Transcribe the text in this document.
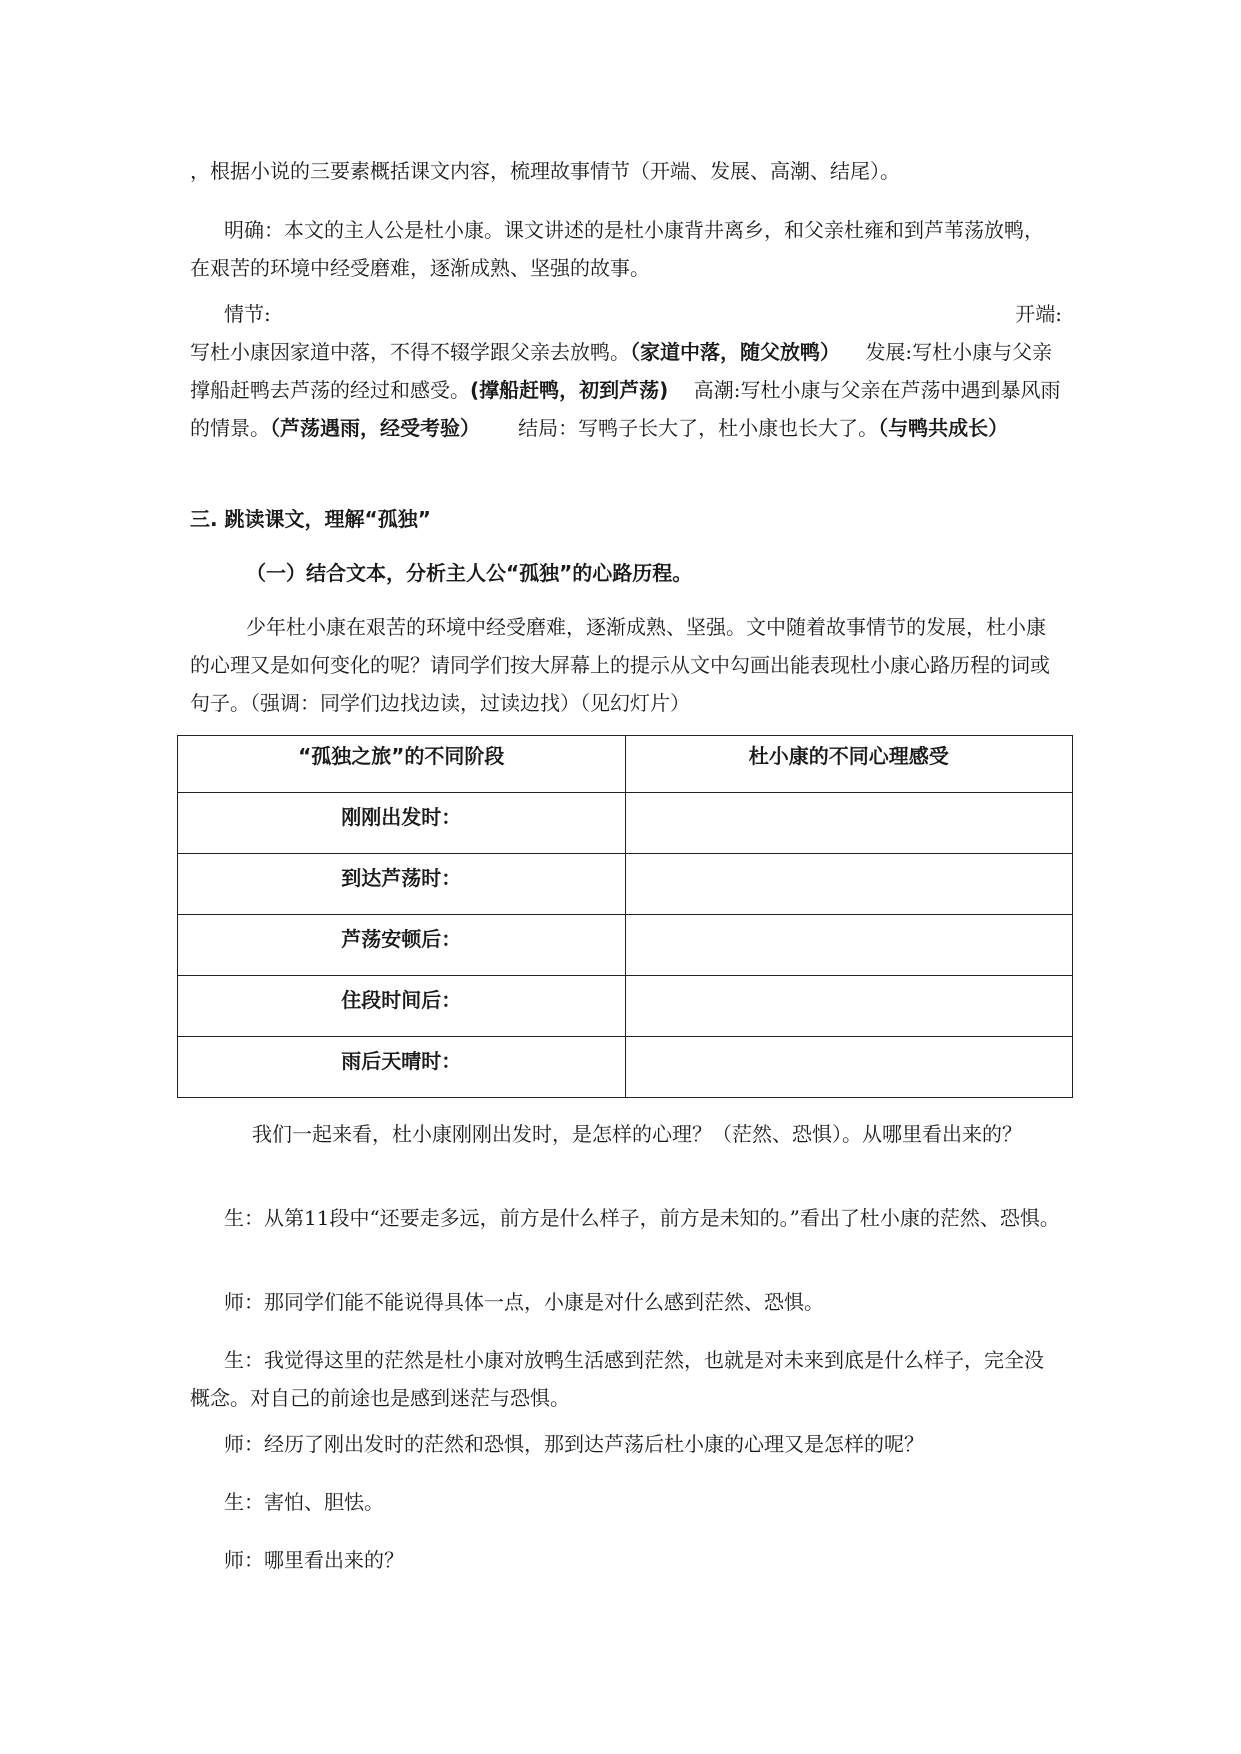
，根据小说的三要素概括课文内容，梳理故事情节（开端、发展、高潮、结尾）。

明确：本文的主人公是杜小康。课文讲述的是杜小康背井离乡，和父亲杜雍和到芦苇荡放鸭，在艰苦的环境中经受磨难，逐渐成熟、坚强的故事。

情节:	开端:

写杜小康因家道中落，不得不辍学跟父亲去放鸭。（家道中落，随父放鸭） 发展:写杜小康与父亲撑船赶鸭去芦荡的经过和感受。(撑船赶鸭，初到芦荡) 高潮:写杜小康与父亲在芦荡中遇到暴风雨的情景。（芦荡遇雨，经受考验） 结局：写鸭子长大了，杜小康也长大了。（与鸭共成长）

三. 跳读课文，理解“孤独”

（一）结合文本，分析主人公“孤独”的心路历程。

少年杜小康在艰苦的环境中经受磨难，逐渐成熟、坚强。文中随着故事情节的发展，杜小康的心理又是如何变化的呢？请同学们按大屏幕上的提示从文中勾画出能表现杜小康心路历程的词或句子。（强调：同学们边找边读，过读边找）（见幻灯片）

“孤独之旅”的不同阶段	杜小康的不同心理感受
刚刚出发时：	
到达芦荡时：	
芦荡安顿后：	
住段时间后：	
雨后天晴时：	

我们一起来看，杜小康刚刚出发时，是怎样的心理？（茫然、恐惧）。从哪里看出来的？

生：从第11段中“还要走多远，前方是什么样子，前方是未知的。”看出了杜小康的茫然、恐惧。

师：那同学们能不能说得具体一点，小康是对什么感到茫然、恐惧。

生：我觉得这里的茫然是杜小康对放鸭生活感到茫然，也就是对未来到底是什么样子，完全没概念。对自己的前途也是感到迷茫与恐惧。

师：经历了刚出发时的茫然和恐惧，那到达芦荡后杜小康的心理又是怎样的呢？

生：害怕、胆怯。

师：哪里看出来的？
